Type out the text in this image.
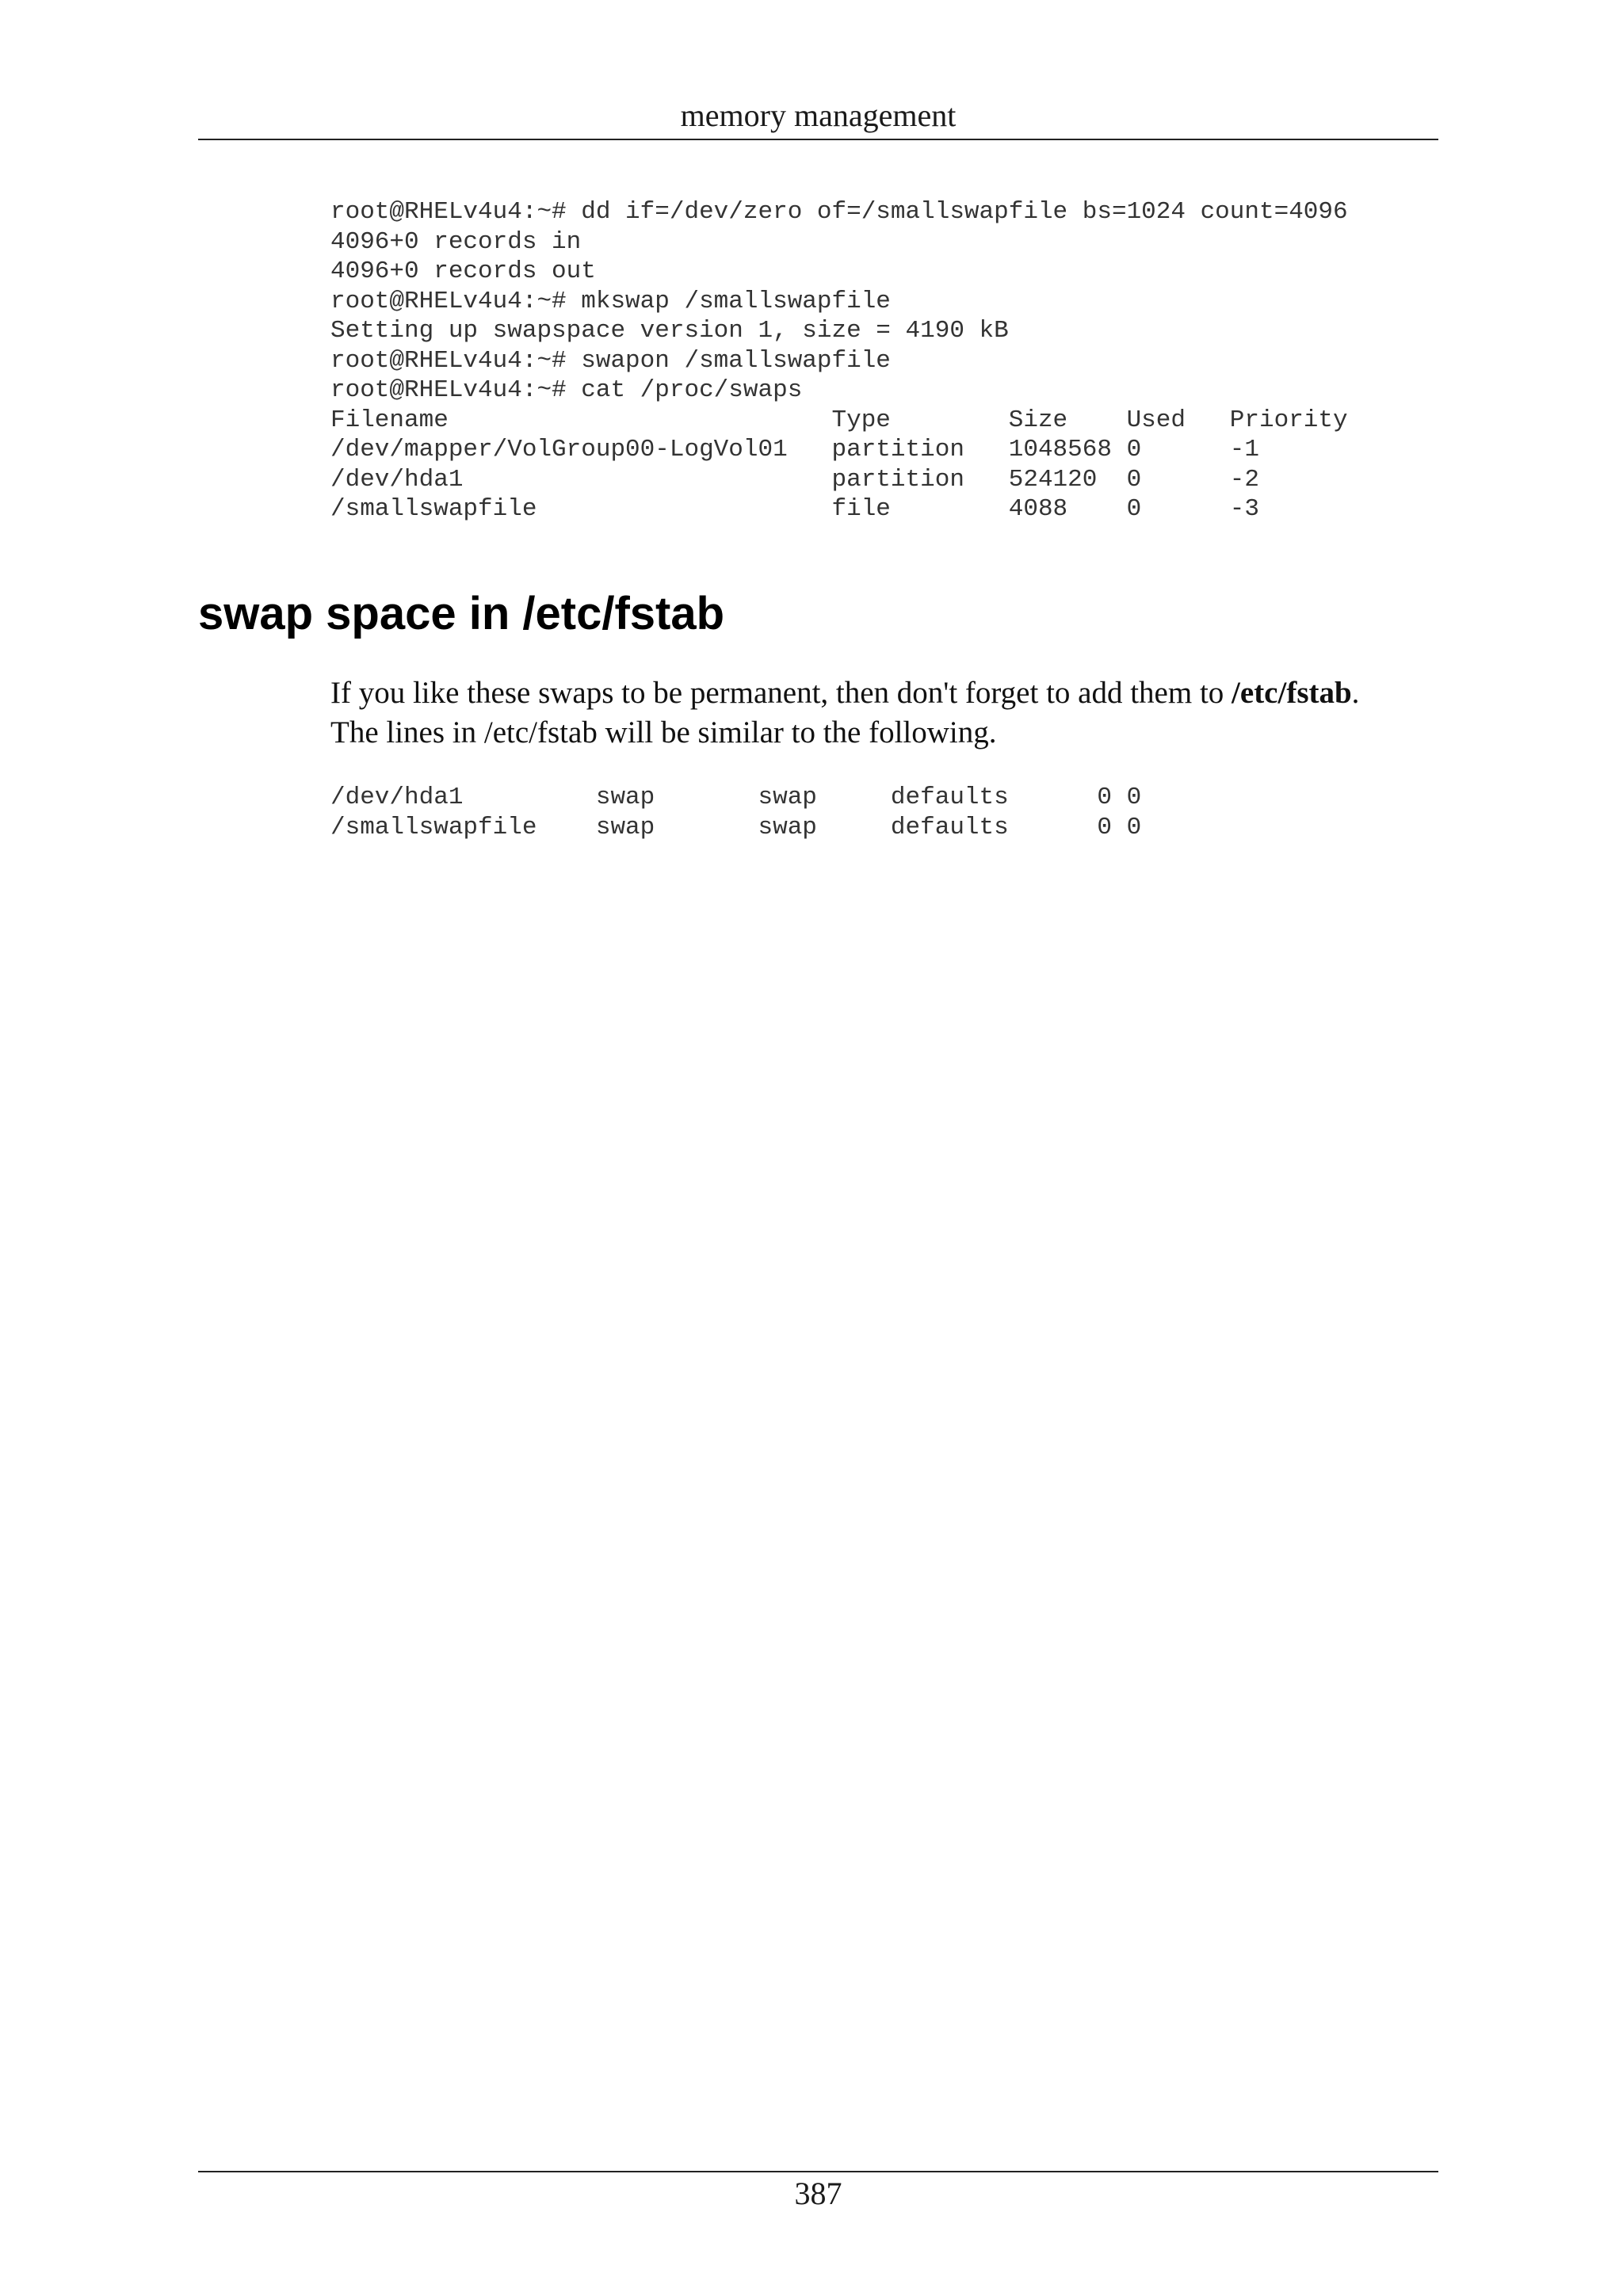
memory management
root@RHELv4u4:~# dd if=/dev/zero of=/smallswapfile bs=1024 count=4096
4096+0 records in
4096+0 records out
root@RHELv4u4:~# mkswap /smallswapfile
Setting up swapspace version 1, size = 4190 kB
root@RHELv4u4:~# swapon /smallswapfile
root@RHELv4u4:~# cat /proc/swaps
Filename                          Type        Size    Used   Priority
/dev/mapper/VolGroup00-LogVol01   partition   1048568 0      -1
/dev/hda1                         partition   524120  0      -2
/smallswapfile                    file        4088    0      -3
swap space in /etc/fstab

If you like these swaps to be permanent, then don't forget to add them to /etc/fstab.
The lines in /etc/fstab will be similar to the following.

/dev/hda1         swap       swap     defaults      0 0
/smallswapfile    swap       swap     defaults      0 0
387
